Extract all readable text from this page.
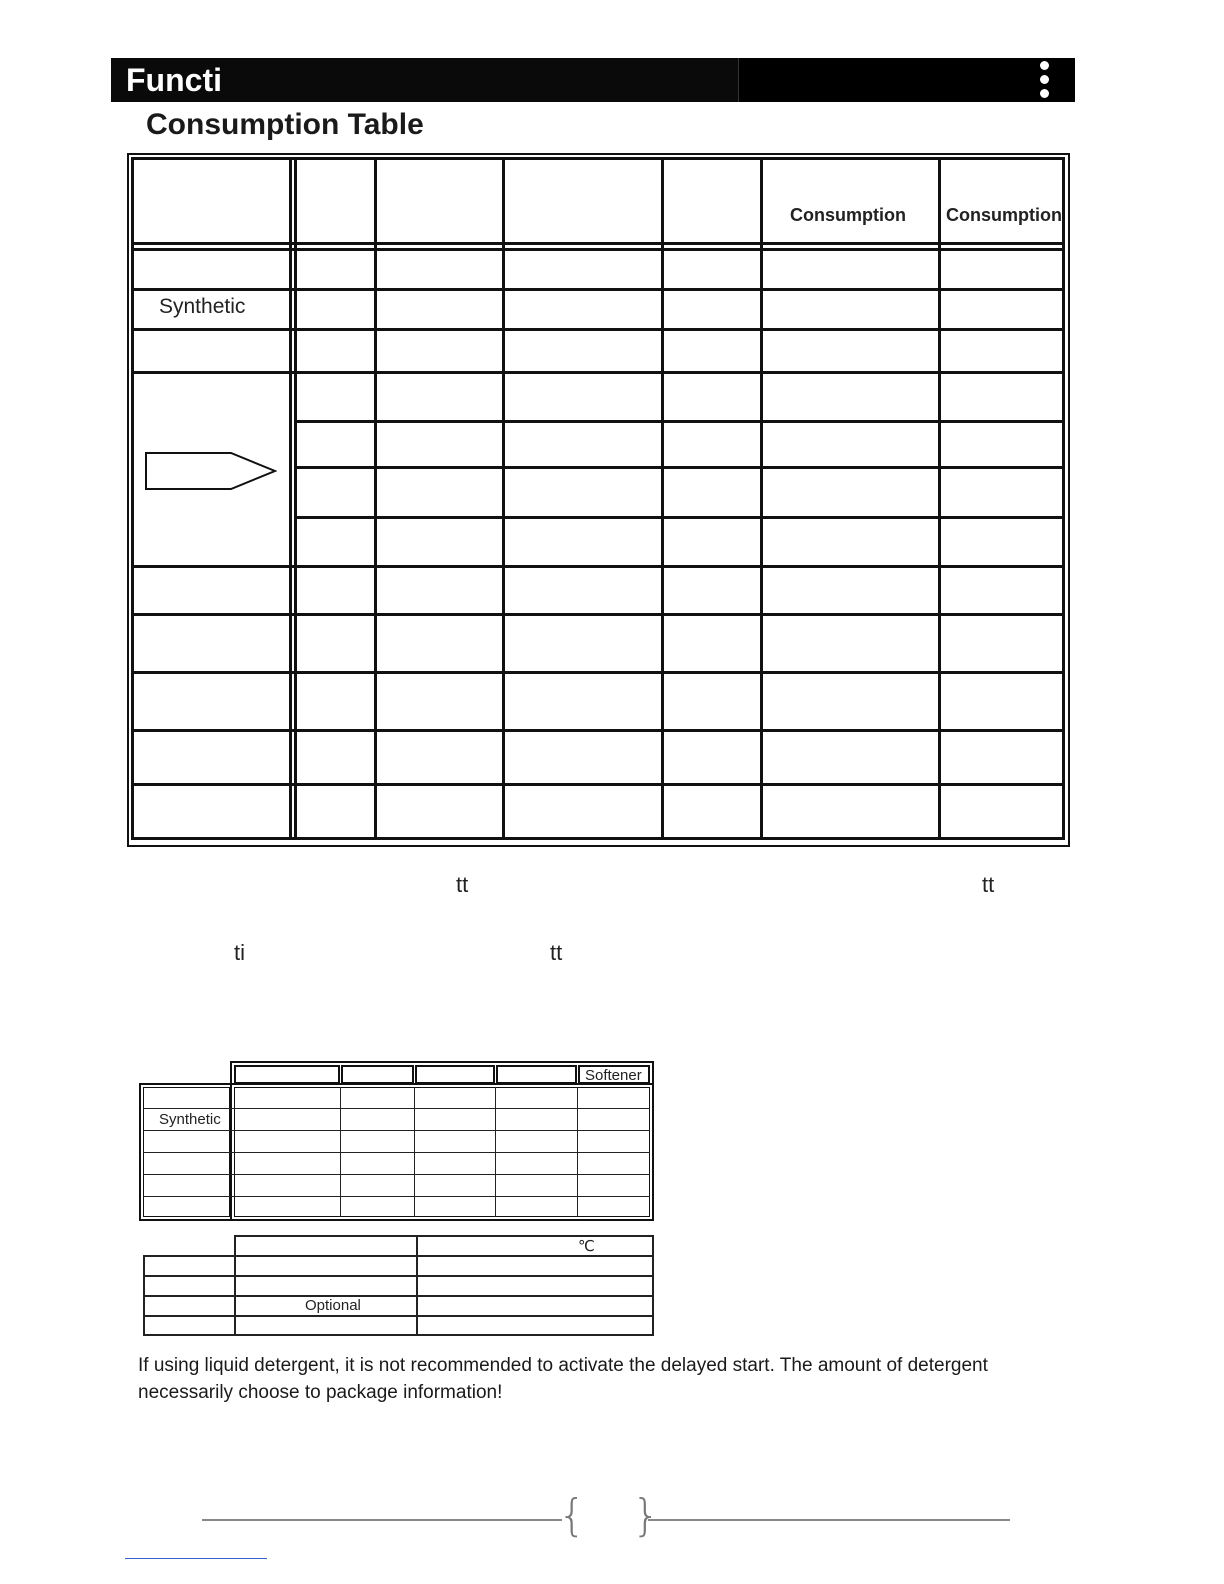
Functi
Consumption Table
Consumption Consumption
Synthetic
tt	tt
ti	tt
Softener
Synthetic
℃
Optional
If using liquid detergent, it is not recommended to activate the delayed start. The amount of detergent necessarily choose to package information!
{ }
